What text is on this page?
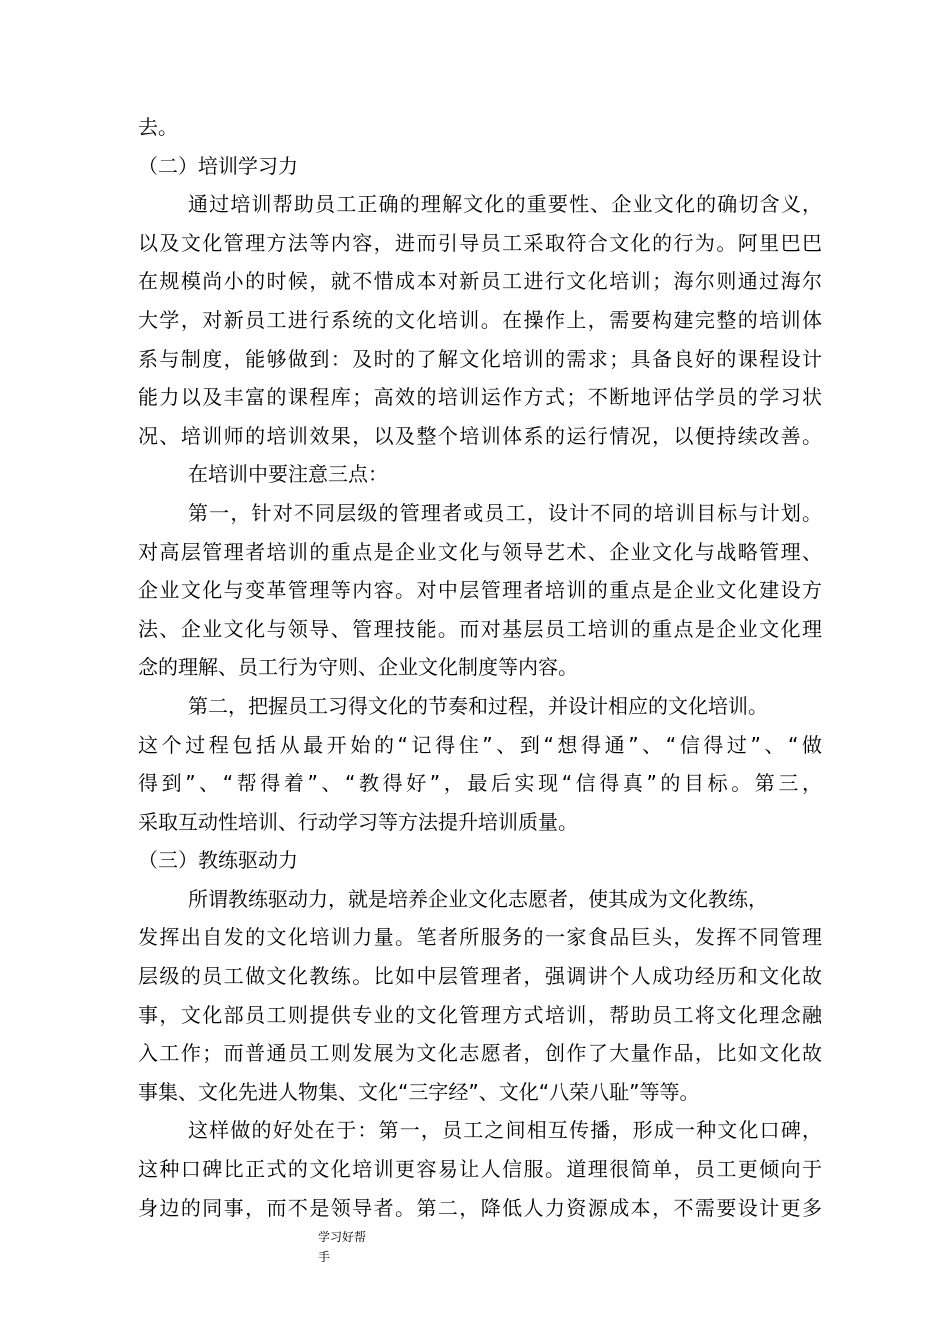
去。
（二）培训学习力
通过培训帮助员工正确的理解文化的重要性、企业文化的确切含义，
以及文化管理方法等内容，进而引导员工采取符合文化的行为。阿里巴巴
在规模尚小的时候，就不惜成本对新员工进行文化培训；海尔则通过海尔
大学，对新员工进行系统的文化培训。在操作上，需要构建完整的培训体
系与制度，能够做到：及时的了解文化培训的需求；具备良好的课程设计
能力以及丰富的课程库；高效的培训运作方式；不断地评估学员的学习状
况、培训师的培训效果，以及整个培训体系的运行情况，以便持续改善。
在培训中要注意三点：
第一，针对不同层级的管理者或员工，设计不同的培训目标与计划。
对高层管理者培训的重点是企业文化与领导艺术、企业文化与战略管理、
企业文化与变革管理等内容。对中层管理者培训的重点是企业文化建设方
法、企业文化与领导、管理技能。而对基层员工培训的重点是企业文化理
念的理解、员工行为守则、企业文化制度等内容。
第二，把握员工习得文化的节奏和过程，并设计相应的文化培训。
这个过程包括从最开始的“记得住”、到“想得通”、“信得过”、“做
得到”、“帮得着”、“教得好”，最后实现“信得真”的目标。第三，
采取互动性培训、行动学习等方法提升培训质量。
（三）教练驱动力
所谓教练驱动力，就是培养企业文化志愿者，使其成为文化教练，
发挥出自发的文化培训力量。笔者所服务的一家食品巨头，发挥不同管理
层级的员工做文化教练。比如中层管理者，强调讲个人成功经历和文化故
事，文化部员工则提供专业的文化管理方式培训，帮助员工将文化理念融
入工作；而普通员工则发展为文化志愿者，创作了大量作品，比如文化故
事集、文化先进人物集、文化“三字经”、文化“八荣八耻”等等。
这样做的好处在于：第一，员工之间相互传播，形成一种文化口碑，
这种口碑比正式的文化培训更容易让人信服。道理很简单，员工更倾向于
身边的同事，而不是领导者。第二，降低人力资源成本，不需要设计更多
学习好帮
手
